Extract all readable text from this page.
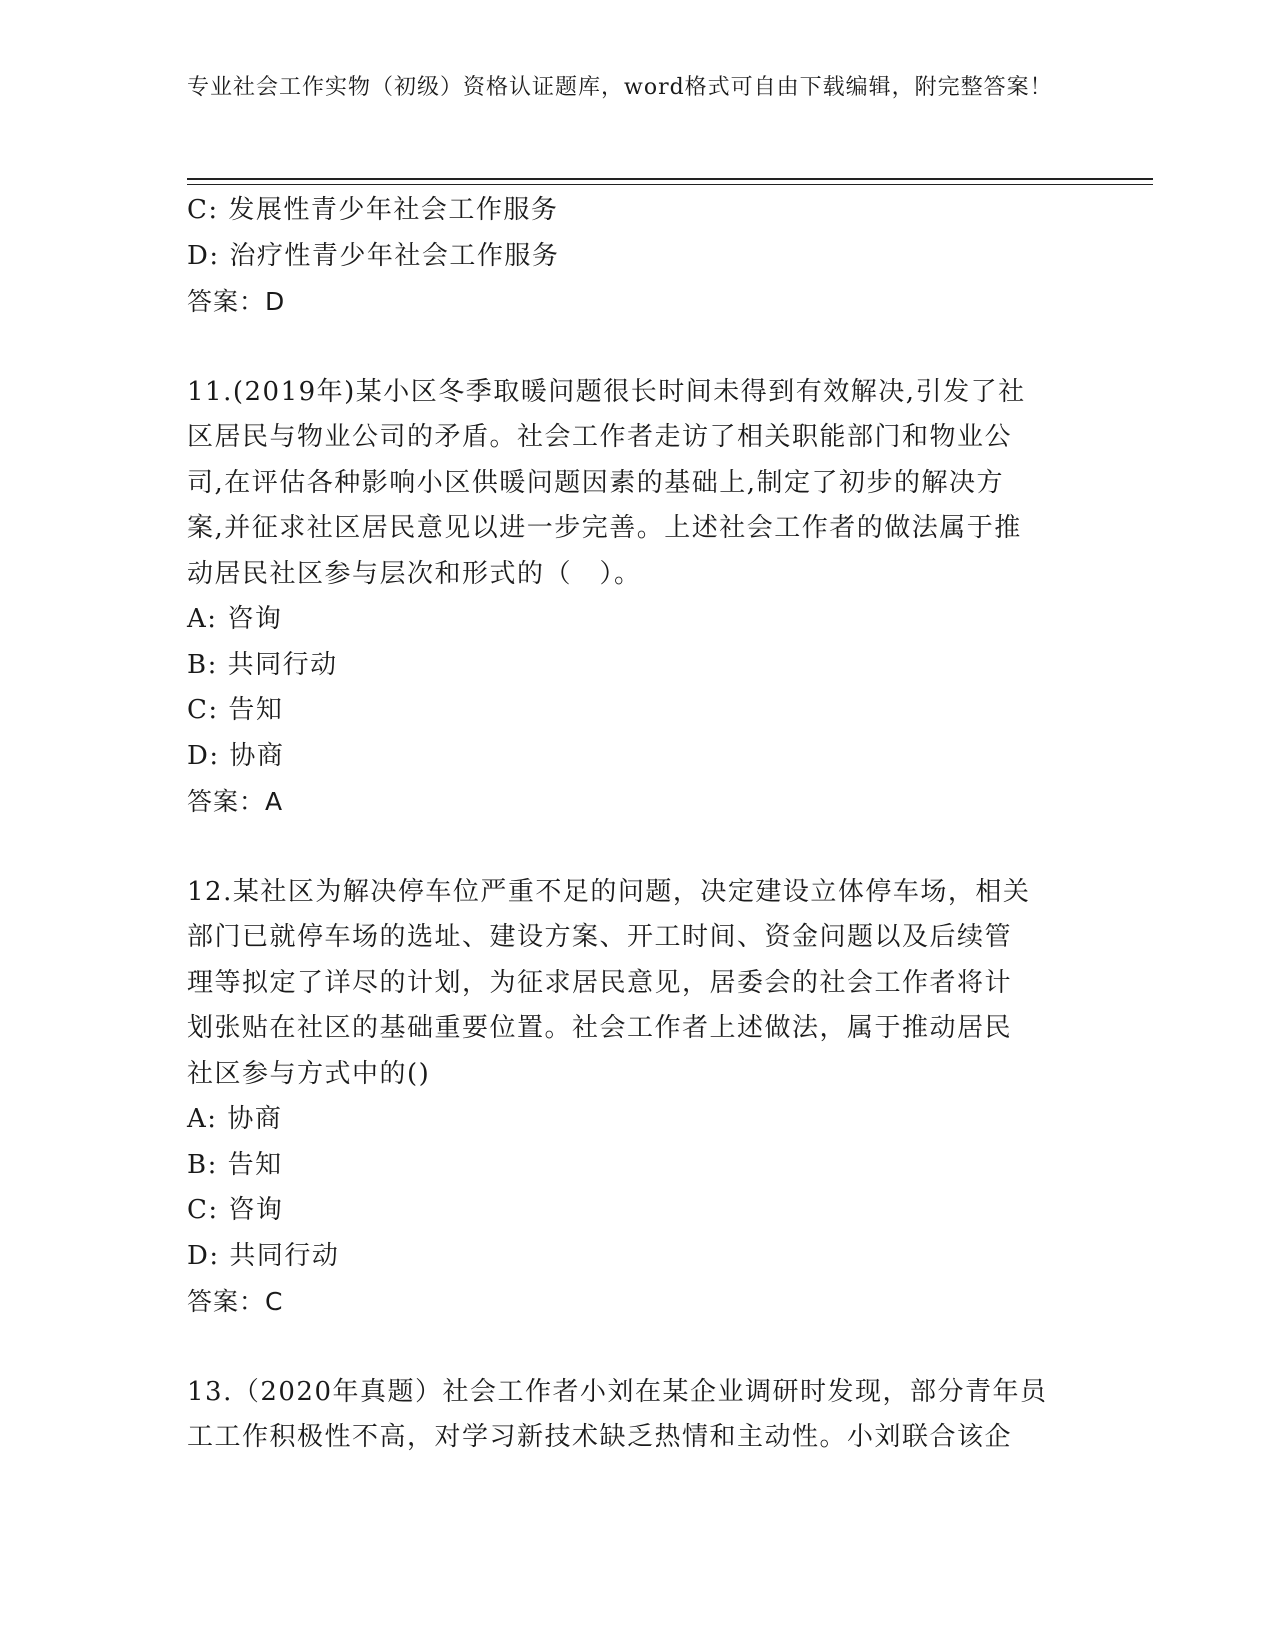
专业社会工作实物（初级）资格认证题库，word格式可自由下载编辑，附完整答案！
C: 发展性青少年社会工作服务
D: 治疗性青少年社会工作服务
答案：D
11.(2019年)某小区冬季取暖问题很长时间未得到有效解决,引发了社
区居民与物业公司的矛盾。社会工作者走访了相关职能部门和物业公
司,在评估各种影响小区供暖问题因素的基础上,制定了初步的解决方
案,并征求社区居民意见以进一步完善。上述社会工作者的做法属于推
动居民社区参与层次和形式的（　）。
A: 咨询
B: 共同行动
C: 告知
D: 协商
答案：A
12.某社区为解决停车位严重不足的问题，决定建设立体停车场，相关
部门已就停车场的选址、建设方案、开工时间、资金问题以及后续管
理等拟定了详尽的计划，为征求居民意见，居委会的社会工作者将计
划张贴在社区的基础重要位置。社会工作者上述做法，属于推动居民
社区参与方式中的()
A: 协商
B: 告知
C: 咨询
D: 共同行动
答案：C
13.（2020年真题）社会工作者小刘在某企业调研时发现，部分青年员
工工作积极性不高，对学习新技术缺乏热情和主动性。小刘联合该企
